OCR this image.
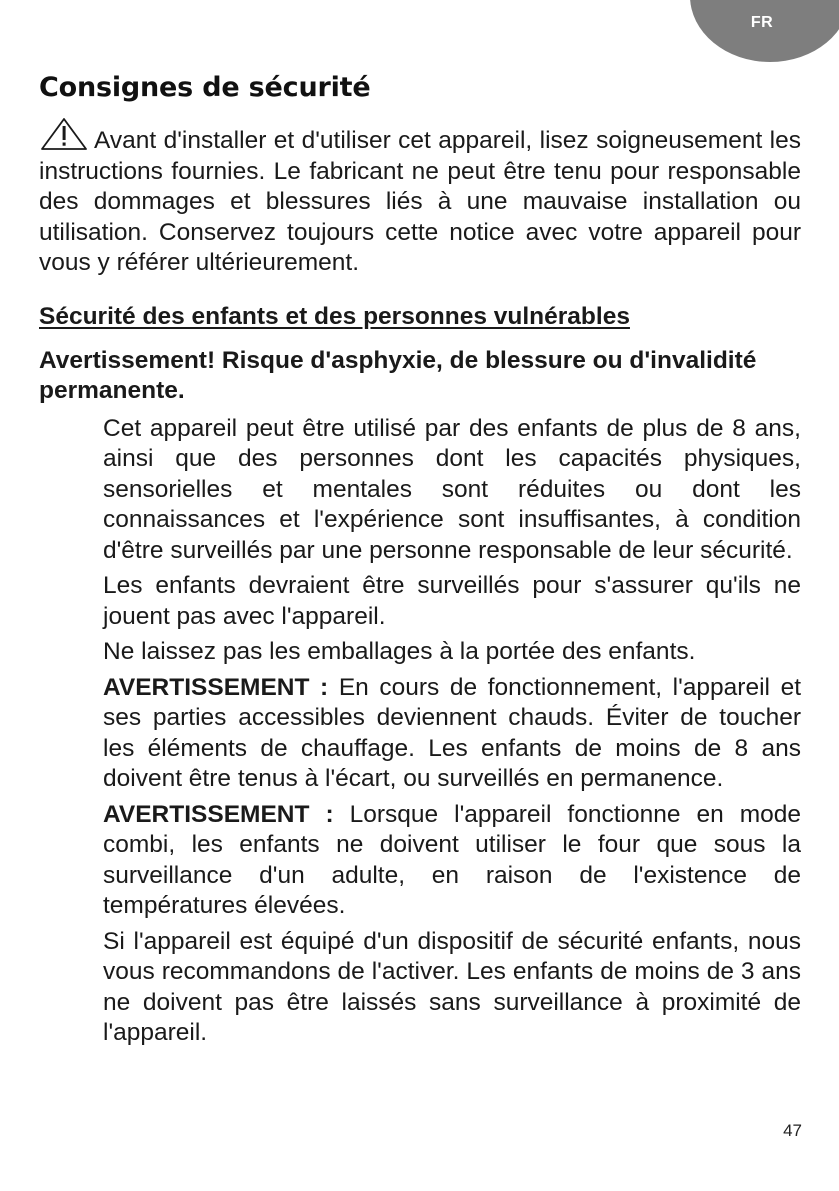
FR
Consignes de sécurité

Avant d'installer et d'utiliser cet appareil, lisez soigneusement les instructions fournies. Le fabricant ne peut être tenu pour responsable des dommages et blessures liés à une mauvaise installation ou utilisation. Conservez toujours cette notice avec votre appareil pour vous y référer ultérieurement.

Sécurité des enfants et des personnes vulnérables
Avertissement! Risque d'asphyxie, de blessure ou d'invalidité permanente.

Cet appareil peut être utilisé par des enfants de plus de 8 ans, ainsi que des personnes dont les capacités physiques, sensorielles et mentales sont réduites ou dont les connaissances et l'expérience sont insuffisantes, à condition d'être surveillés par une personne responsable de leur sécurité.

Les enfants devraient être surveillés pour s'assurer qu'ils ne jouent pas avec l'appareil.

Ne laissez pas les emballages à la portée des enfants.

AVERTISSEMENT : En cours de fonctionnement, l'appareil et ses parties accessibles deviennent chauds. Éviter de toucher les éléments de chauffage. Les enfants de moins de 8 ans doivent être tenus à l'écart, ou surveillés en permanence.

AVERTISSEMENT : Lorsque l'appareil fonctionne en mode combi, les enfants ne doivent utiliser le four que sous la surveillance d'un adulte, en raison de l'existence de températures élevées.

Si l'appareil est équipé d'un dispositif de sécurité enfants, nous vous recommandons de l'activer. Les enfants de moins de 3 ans ne doivent pas être laissés sans surveillance à proximité de l'appareil.

47
